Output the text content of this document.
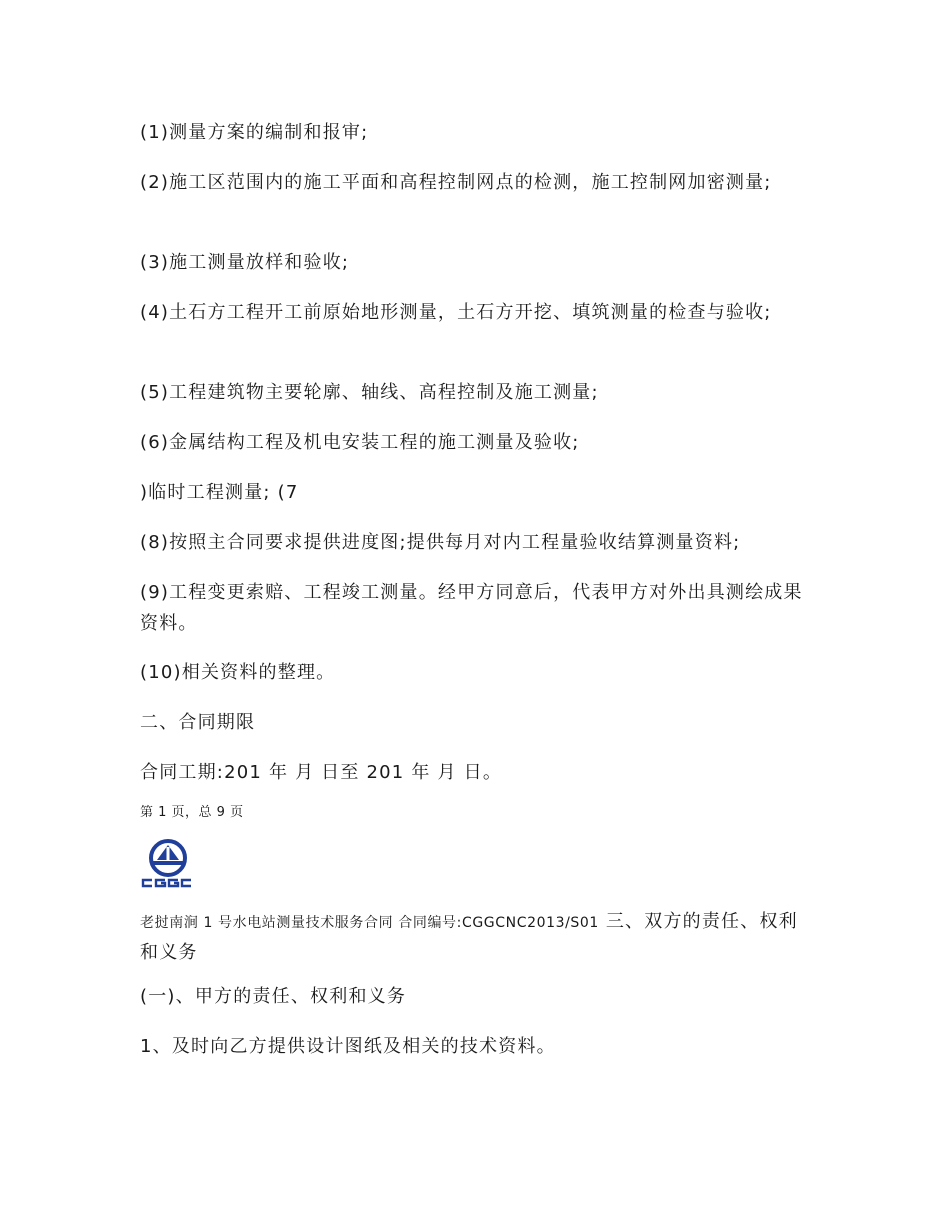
(1)测量方案的编制和报审;

(2)施工区范围内的施工平面和高程控制网点的检测，施工控制网加密测量;

(3)施工测量放样和验收;

(4)土石方工程开工前原始地形测量，土石方开挖、填筑测量的检查与验收;

(5)工程建筑物主要轮廓、轴线、高程控制及施工测量;

(6)金属结构工程及机电安装工程的施工测量及验收;

)临时工程测量; (7

(8)按照主合同要求提供进度图;提供每月对内工程量验收结算测量资料;

(9)工程变更索赔、工程竣工测量。经甲方同意后，代表甲方对外出具测绘成果资料。

(10)相关资料的整理。

二、合同期限

合同工期:201 年 月 日至 201 年 月 日。

第 1 页，总 9 页

老挝南涧 1 号水电站测量技术服务合同 合同编号:CGGCNC2013/S01 三、双方的责任、权利和义务

(一)、甲方的责任、权利和义务

1、及时向乙方提供设计图纸及相关的技术资料。
